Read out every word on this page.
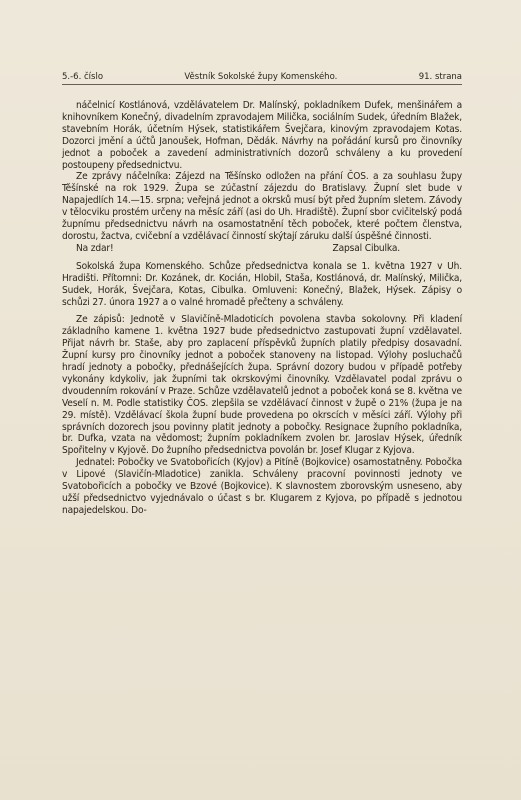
5.-6. číslo	Věstník Sokolské župy Komenského.	91. strana

náčelnicí Kostlánová, vzdělávatelem Dr. Malínský, pokladníkem Dufek, menšinářem a knihovníkem Konečný, divadelním zpravodajem Milička, sociálním Sudek, úředním Blažek, stavebním Horák, účetním Hýsek, statistikářem Švejčara, kinovým zpravodajem Kotas. Dozorci jmění a účtů Janoušek, Hofman, Dědák. Návrhy na pořádání kursů pro činovníky jednot a poboček a zavedení administrativních dozorů schváleny a ku provedení postoupeny předsednictvu.

Ze zprávy náčelníka: Zájezd na Těšínsko odložen na přání ČOS. a za souhlasu župy Těšínské na rok 1929. Župa se zúčastní zájezdu do Bratislavy. Župní slet bude v Napajedlích 14.—15. srpna; veřejná jednot a okrsků musí být před župním sletem. Závody v tělocviku prostém určeny na měsíc září (asi do Uh. Hradiště). Župní sbor cvičitelský podá župnímu předsednictvu návrh na osamostatnění těch poboček, které počtem členstva, dorostu, žactva, cvičební a vzdělávací činností skýtají záruku další úspěšné činnosti.

Na zdar!	Zapsal Cibulka.

Sokolská župa Komenského. Schůze předsednictva konala se 1. května 1927 v Uh. Hradišti. Přítomni: Dr. Kozánek, dr. Kocián, Hlobil, Staša, Kostlánová, dr. Malínský, Milička, Sudek, Horák, Švejčara, Kotas, Cibulka. Omluveni: Konečný, Blažek, Hýsek. Zápisy o schůzi 27. února 1927 a o valné hromadě přečteny a schváleny.

Ze zápisů: Jednotě v Slavičíně-Mladoticích povolena stavba sokolovny. Při kladení základního kamene 1. května 1927 bude předsednictvo zastupovati župní vzdělavatel. Přijat návrh br. Staše, aby pro zaplacení příspěvků župních platily předpisy dosavadní. Župní kursy pro činovníky jednot a poboček stanoveny na listopad. Výlohy posluchačů hradí jednoty a pobočky, přednášejících župa. Správní dozory budou v případě potřeby vykonány kdykoliv, jak župními tak okrskovými činovníky. Vzdělavatel podal zprávu o dvoudenním rokování v Praze. Schůze vzdělavatelů jednot a poboček koná se 8. května ve Veselí n. M. Podle statistiky ČOS. zlepšila se vzdělávací činnost v župě o 21% (župa je na 29. místě). Vzdělávací škola župní bude provedena po okrscích v měsíci září. Výlohy při správních dozorech jsou povinny platit jednoty a pobočky. Resignace župního pokladníka, br. Dufka, vzata na vědomost; župním pokladníkem zvolen br. Jaroslav Hýsek, úředník Spořitelny v Kyjově. Do župního předsednictva povolán br. Josef Klugar z Kyjova.

Jednatel: Pobočky ve Svatobořicích (Kyjov) a Pitíně (Bojkovice) osamostatněny. Pobočka v Lipové (Slavičín-Mladotice) zanikla. Schváleny pracovní povinnosti jednoty ve Svatobořicích a pobočky ve Bzové (Bojkovice). K slavnostem zborovským usneseno, aby užší předsednictvo vyjednávalo o účast s br. Klugarem z Kyjova, po případě s jednotou napajedelskou. Do-
